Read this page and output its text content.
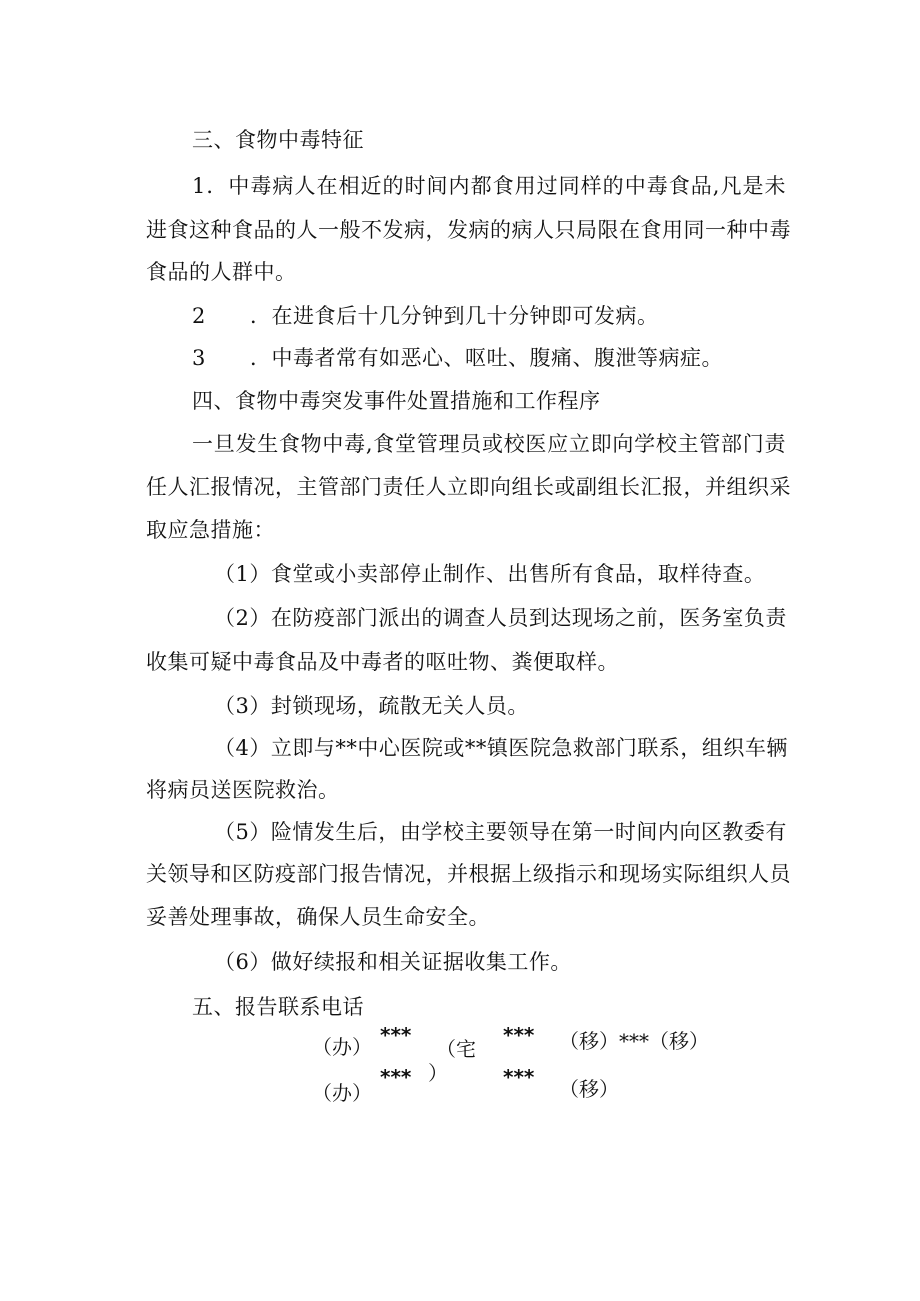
三、食物中毒特征
1．中毒病人在相近的时间内都食用过同样的中毒食品,凡是未
进食这种食品的人一般不发病，发病的病人只局限在食用同一种中毒
食品的人群中。
2 ．在进食后十几分钟到几十分钟即可发病。
3 ．中毒者常有如恶心、呕吐、腹痛、腹泄等病症。
四、食物中毒突发事件处置措施和工作程序
一旦发生食物中毒,食堂管理员或校医应立即向学校主管部门责
任人汇报情况，主管部门责任人立即向组长或副组长汇报，并组织采
取应急措施：
（1）食堂或小卖部停止制作、出售所有食品，取样待查。
（2）在防疫部门派出的调查人员到达现场之前，医务室负责
收集可疑中毒食品及中毒者的呕吐物、粪便取样。
（3）封锁现场，疏散无关人员。
（4）立即与**中心医院或**镇医院急救部门联系，组织车辆
将病员送医院救治。
（5）险情发生后，由学校主要领导在第一时间内向区教委有
关领导和区防疫部门报告情况，并根据上级指示和现场实际组织人员
妥善处理事故，确保人员生命安全。
（6）做好续报和相关证据收集工作。
五、报告联系电话
（办） ***
（宅
*** （移）***（移）
（办）
*** ）	*** （移）
